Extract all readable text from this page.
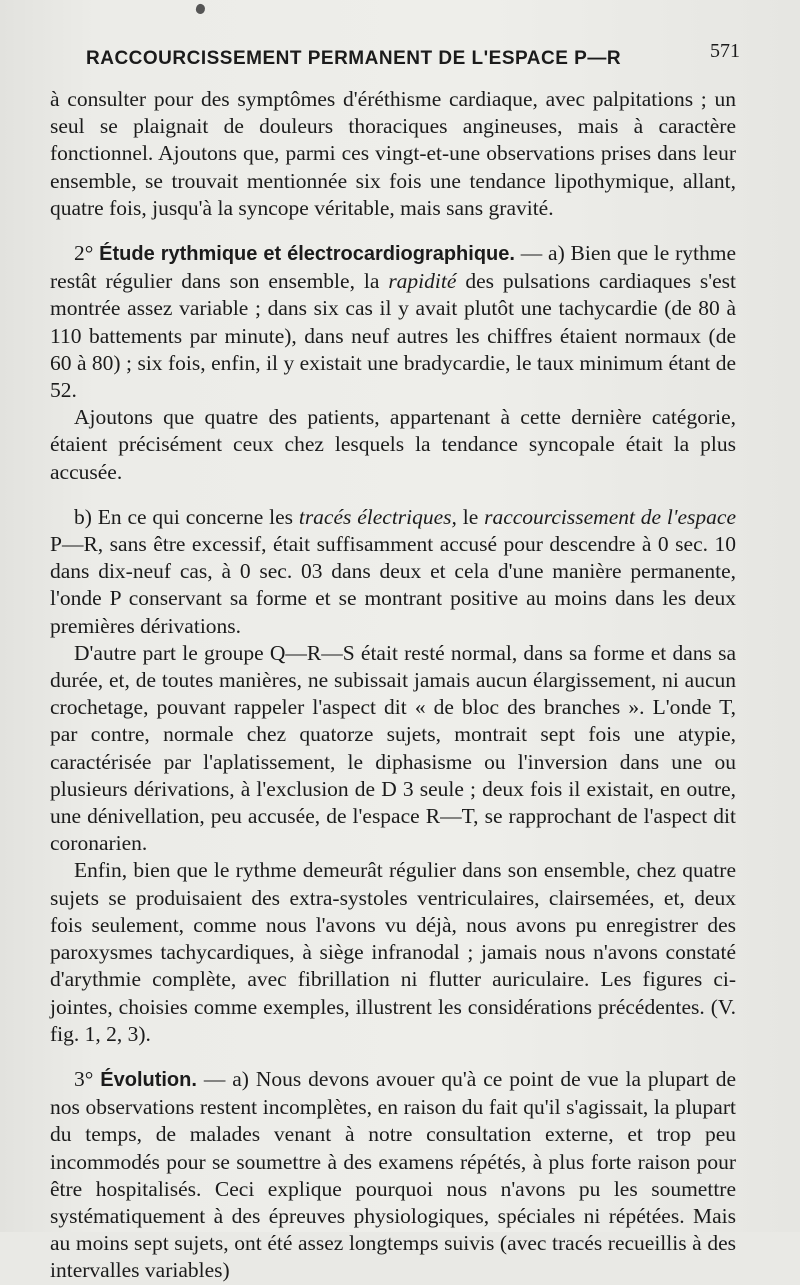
RACCOURCISSEMENT PERMANENT DE L'ESPACE P—R	571

à consulter pour des symptômes d'éréthisme cardiaque, avec palpitations ; un seul se plaignait de douleurs thoraciques angineuses, mais à caractère fonctionnel. Ajoutons que, parmi ces vingt-et-une observations prises dans leur ensemble, se trouvait mentionnée six fois une tendance lipothymique, allant, quatre fois, jusqu'à la syncope véritable, mais sans gravité.

2° Étude rythmique et électrocardiographique. — a) Bien que le rythme restât régulier dans son ensemble, la rapidité des pulsations cardiaques s'est montrée assez variable ; dans six cas il y avait plutôt une tachycardie (de 80 à 110 battements par minute), dans neuf autres les chiffres étaient normaux (de 60 à 80) ; six fois, enfin, il y existait une bradycardie, le taux minimum étant de 52.

Ajoutons que quatre des patients, appartenant à cette dernière catégorie, étaient précisément ceux chez lesquels la tendance syncopale était la plus accusée.

b) En ce qui concerne les tracés électriques, le raccourcissement de l'espace P—R, sans être excessif, était suffisamment accusé pour descendre à 0 sec. 10 dans dix-neuf cas, à 0 sec. 03 dans deux et cela d'une manière permanente, l'onde P conservant sa forme et se montrant positive au moins dans les deux premières dérivations.

D'autre part le groupe Q—R—S était resté normal, dans sa forme et dans sa durée, et, de toutes manières, ne subissait jamais aucun élargissement, ni aucun crochetage, pouvant rappeler l'aspect dit « de bloc des branches ». L'onde T, par contre, normale chez quatorze sujets, montrait sept fois une atypie, caractérisée par l'aplatissement, le diphasisme ou l'inversion dans une ou plusieurs dérivations, à l'exclusion de D 3 seule ; deux fois il existait, en outre, une dénivellation, peu accusée, de l'espace R—T, se rapprochant de l'aspect dit coronarien.

Enfin, bien que le rythme demeurât régulier dans son ensemble, chez quatre sujets se produisaient des extra-systoles ventriculaires, clairsemées, et, deux fois seulement, comme nous l'avons vu déjà, nous avons pu enregistrer des paroxysmes tachycardiques, à siège infranodal ; jamais nous n'avons constaté d'arythmie complète, avec fibrillation ni flutter auriculaire. Les figures ci-jointes, choisies comme exemples, illustrent les considérations précédentes. (V. fig. 1, 2, 3).

3° Évolution. — a) Nous devons avouer qu'à ce point de vue la plupart de nos observations restent incomplètes, en raison du fait qu'il s'agissait, la plupart du temps, de malades venant à notre consultation externe, et trop peu incommodés pour se soumettre à des examens répétés, à plus forte raison pour être hospitalisés. Ceci explique pourquoi nous n'avons pu les soumettre systématiquement à des épreuves physiologiques, spéciales ni répétées. Mais au moins sept sujets, ont été assez longtemps suivis (avec tracés recueillis à des intervalles variables)
